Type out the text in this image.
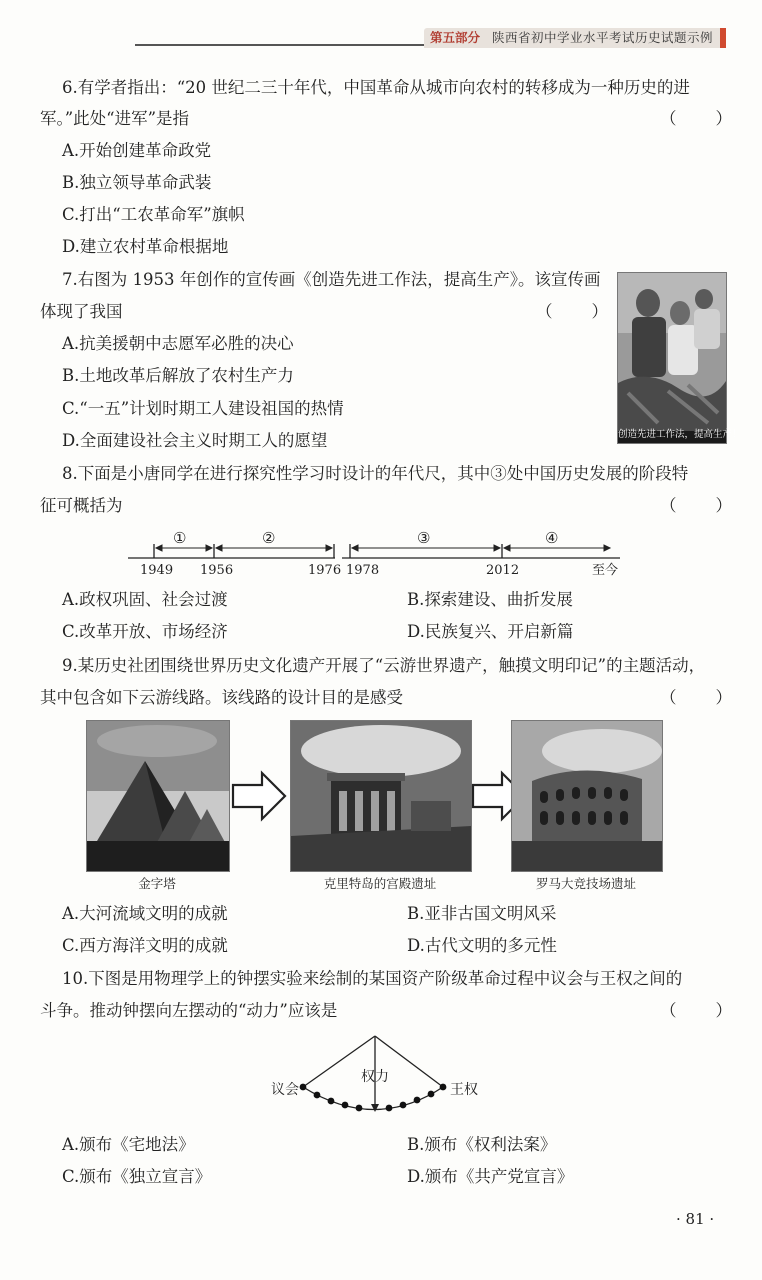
第五部分 陕西省初中学业水平考试历史试题示例
6.有学者指出：“20 世纪二三十年代，中国革命从城市向农村的转移成为一种历史的进
军。”此处“进军”是指	（　　）
A.开始创建革命政党
B.独立领导革命武装
C.打出“工农革命军”旗帜
D.建立农村革命根据地
7.右图为 1953 年创作的宣传画《创造先进工作法，提高生产》。该宣传画
体现了我国	（　　）
A.抗美援朝中志愿军必胜的决心
B.土地改革后解放了农村生产力
C.“一五”计划时期工人建设祖国的热情
D.全面建设社会主义时期工人的愿望	创造先进工作法，提高生产！
8.下面是小唐同学在进行探究性学习时设计的年代尺，其中③处中国历史发展的阶段特
征可概括为	（　　）
①	②	③	④
1949 1956	1976 1978	2012	至今
A.政权巩固、社会过渡	B.探索建设、曲折发展
C.改革开放、市场经济	D.民族复兴、开启新篇
9.某历史社团围绕世界历史文化遗产开展了“云游世界遗产，触摸文明印记”的主题活动，
其中包含如下云游线路。该线路的设计目的是感受	（　　）
金字塔	克里特岛的宫殿遗址	罗马大竞技场遗址
A.大河流域文明的成就	B.亚非古国文明风采
C.西方海洋文明的成就	D.古代文明的多元性
10.下图是用物理学上的钟摆实验来绘制的某国资产阶级革命过程中议会与王权之间的
斗争。推动钟摆向左摆动的“动力”应该是	（　　）
议会	王权
权力
A.颁布《宅地法》	B.颁布《权利法案》
C.颁布《独立宣言》	D.颁布《共产党宣言》
· 81 ·
